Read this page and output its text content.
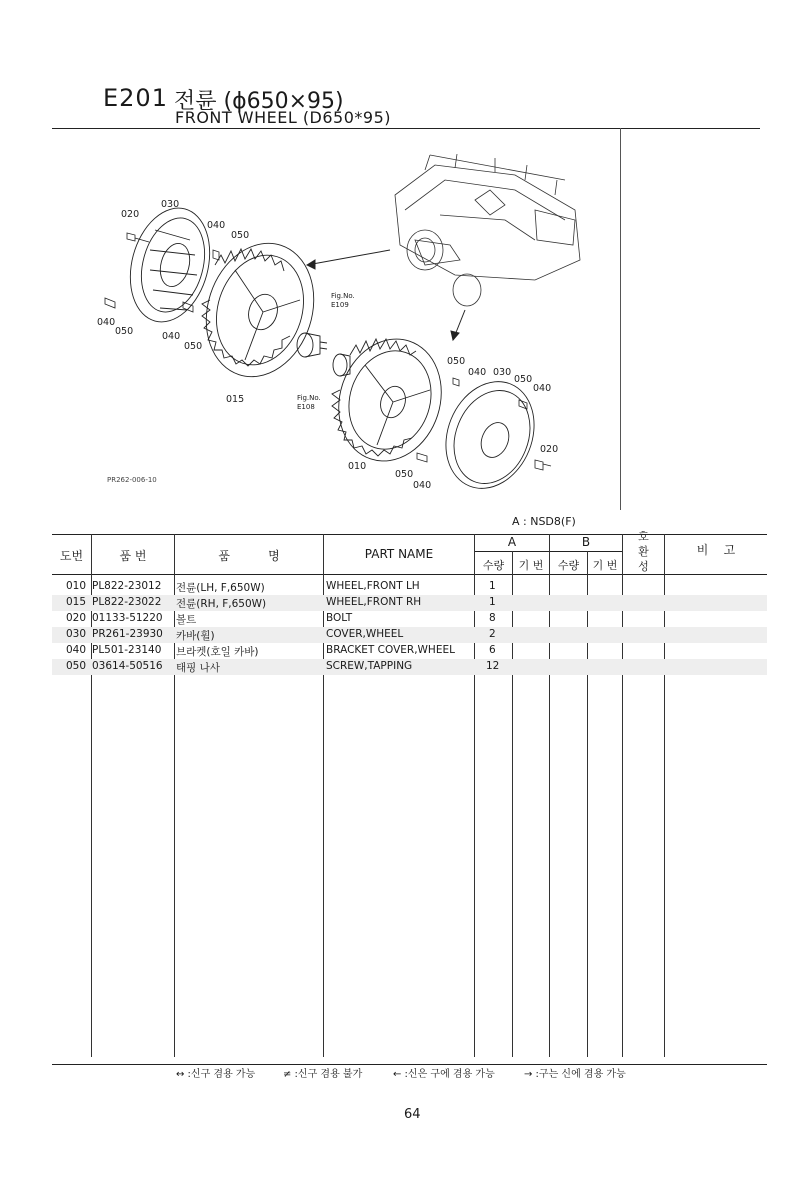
E201 전륜 (ϕ650×95)
FRONT WHEEL (D650*95)
020
030
040
050
040
050	040
050
015
010
050
040 030
050
040
020
050
040
Fig.No.
E109
Fig.No.
E108
PR262-006-10
A : NSD8(F)
도번	품 번	품          명	PART NAME
A	B
수량	기 번	수량	기 번
호
환
성
비    고
010 PL822-23012 전륜(LH, F,650W)	WHEEL,FRONT LH	1
015 PL822-23022 전륜(RH, F,650W)	WHEEL,FRONT RH	1
020 01133-51220 볼트	BOLT	8
030 PR261-23930 카바(휠)	COVER,WHEEL	2
040 PL501-23140 브라켓(호일 카바)	BRACKET COVER,WHEEL	6
050 03614-50516 태핑 나사	SCREW,TAPPING	12
↔ :신구 겸용 가능	≠ :신구 겸용 불가	← :신은 구에 겸용 가능	→ :구는 신에 겸용 가능
64
